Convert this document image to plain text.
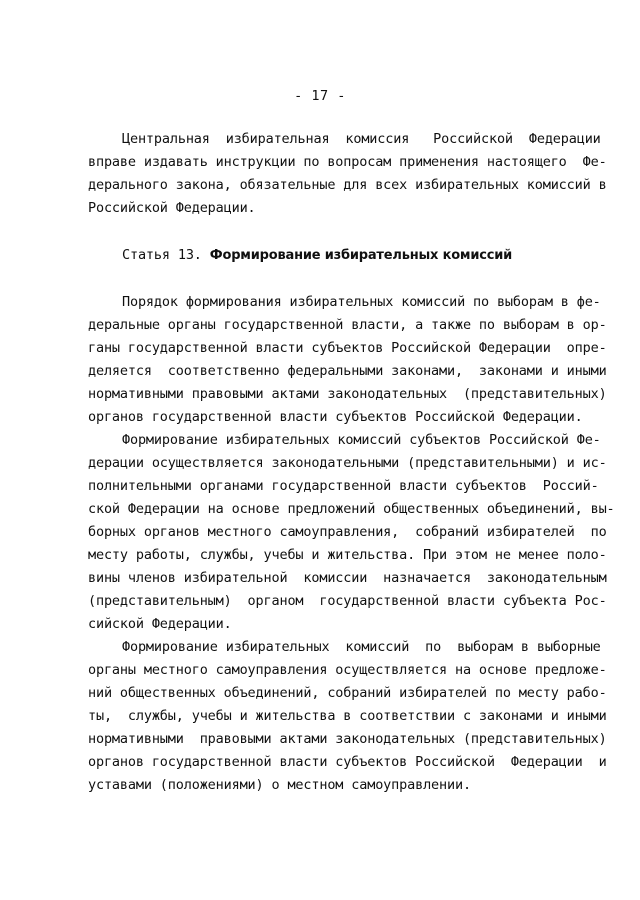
- 17 -
Центральная  избирательная  комиссия   Российской  Федерации
вправе издавать инструкции по вопросам применения настоящего  Фе-
дерального закона, обязательные для всех избирательных комиссий в
Российской Федерации.
Статья 13. Формирование избирательных комиссий
Порядок формирования избирательных комиссий по выборам в фе-
деральные органы государственной власти, а также по выборам в ор-
ганы государственной власти субъектов Российской Федерации  опре-
деляется  соответственно федеральными законами,  законами и иными
нормативными правовыми актами законодательных  (представительных)
органов государственной власти субъектов Российской Федерации.
Формирование избирательных комиссий субъектов Российской Фе-
дерации осуществляется законодательными (представительными) и ис-
полнительными органами государственной власти субъектов  Россий-
ской Федерации на основе предложений общественных объединений, вы-
борных органов местного самоуправления,  собраний избирателей  по
месту работы, службы, учебы и жительства. При этом не менее поло-
вины членов избирательной  комиссии  назначается  законодательным
(представительным)  органом  государственной власти субъекта Рос-
сийской Федерации.
Формирование избирательных  комиссий  по  выборам в выборные
органы местного самоуправления осуществляется на основе предложе-
ний общественных объединений, собраний избирателей по месту рабо-
ты,  службы, учебы и жительства в соответствии с законами и иными
нормативными  правовыми актами законодательных (представительных)
органов государственной власти субъектов Российской  Федерации  и
уставами (положениями) о местном самоуправлении.
